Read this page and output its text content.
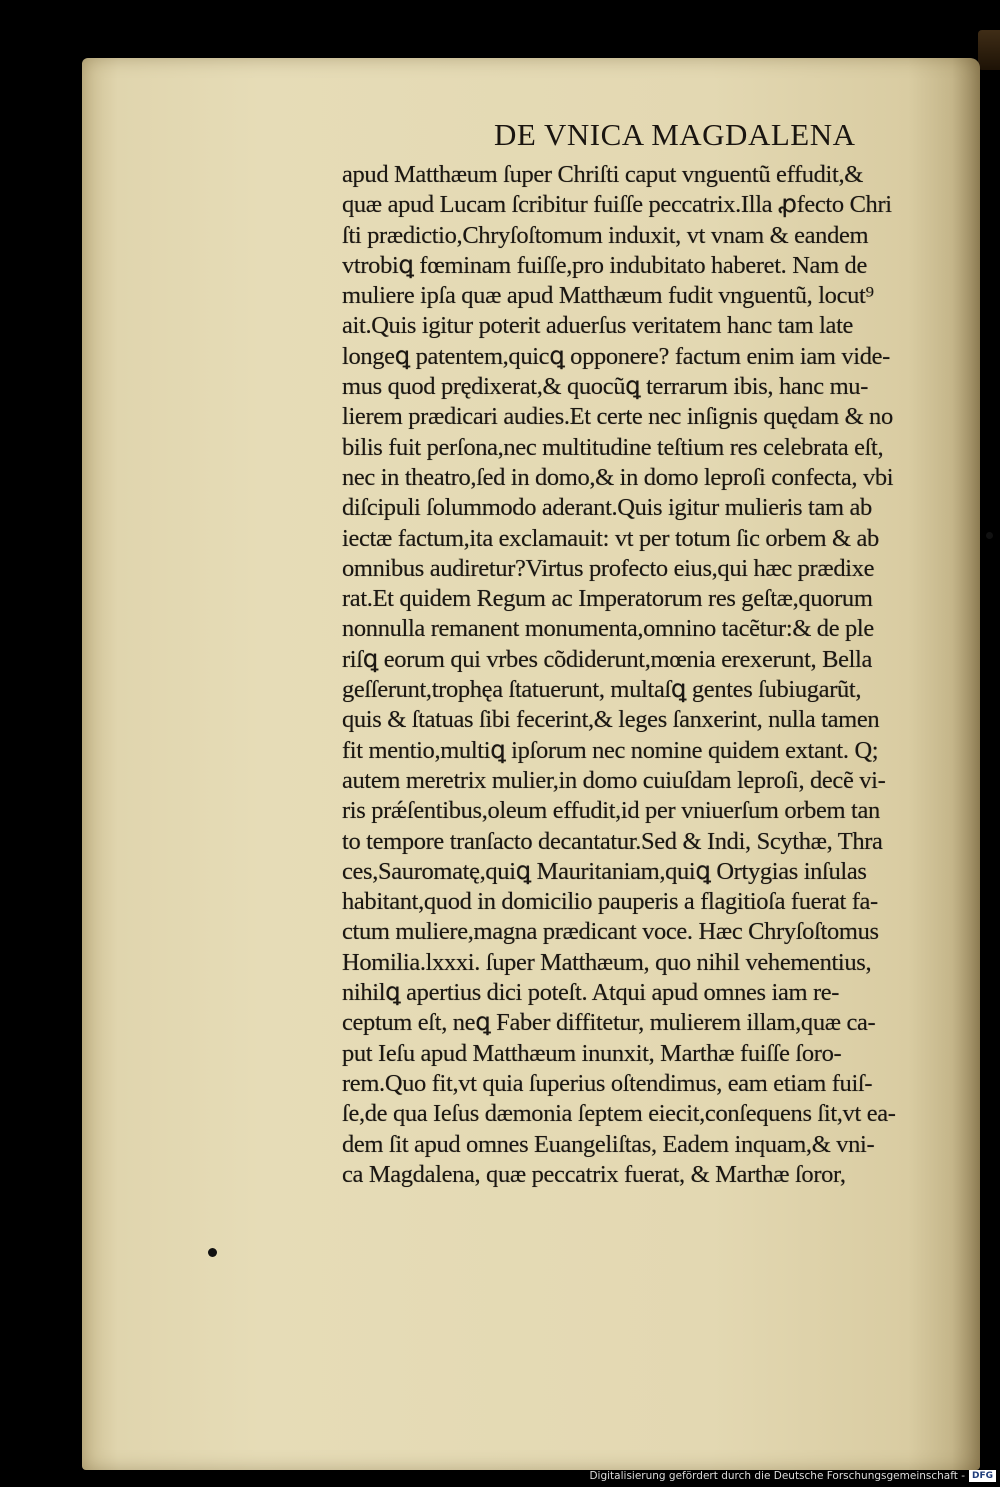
DE VNICA MAGDALENA
apud Matthæum ſuper Chriſti caput vnguentũ effudit,&
quæ apud Lucam ſcribitur fuiſſe peccatrix.Illa ꝓfecto Chri
ſti prædictio,Chryſoſtomum induxit, vt vnam & eandem
vtrobiꝗ fœminam fuiſſe,pro indubitato haberet. Nam de
muliere ipſa quæ apud Matthæum fudit vnguentũ, locut⁹
ait.Quis igitur poterit aduerſus veritatem hanc tam late
longeꝗ patentem,quicꝗ opponere? factum enim iam vide-
mus quod prędixerat,& quocũꝗ terrarum ibis, hanc mu-
lierem prædicari audies.Et certe nec inſignis quędam & no
bilis fuit perſona,nec multitudine teſtium res celebrata eſt,
nec in theatro,ſed in domo,& in domo leproſi confecta, vbi
diſcipuli ſolummodo aderant.Quis igitur mulieris tam ab
iectæ factum,ita exclamauit: vt per totum ſic orbem & ab
omnibus audiretur?Virtus profecto eius,qui hæc prædixe
rat.Et quidem Regum ac Imperatorum res geſtæ,quorum
nonnulla remanent monumenta,omnino tacẽtur:& de ple
riſꝗ eorum qui vrbes cõdiderunt,mœnia erexerunt, Bella
geſſerunt,trophęa ſtatuerunt, multaſꝗ gentes ſubiugarũt,
quis & ſtatuas ſibi fecerint,& leges ſanxerint, nulla tamen
fit mentio,multiꝗ ipſorum nec nomine quidem extant. Q;
autem meretrix mulier,in domo cuiuſdam leproſi, decẽ vi-
ris prǽſentibus,oleum effudit,id per vniuerſum orbem tan
to tempore tranſacto decantatur.Sed & Indi, Scythæ, Thra
ces,Sauromatę,quiꝗ Mauritaniam,quiꝗ Ortygias inſulas
habitant,quod in domicilio pauperis a flagitioſa fuerat fa-
ctum muliere,magna prædicant voce. Hæc Chryſoſtomus
Homilia.lxxxi. ſuper Matthæum, quo nihil vehementius,
nihilꝗ apertius dici poteſt. Atqui apud omnes iam re-
ceptum eſt, neꝗ Faber diffitetur, mulierem illam,quæ ca-
put Ieſu apud Matthæum inunxit, Marthæ fuiſſe ſoro-
rem.Quo fit,vt quia ſuperius oſtendimus, eam etiam fuiſ-
ſe,de qua Ieſus dæmonia ſeptem eiecit,conſequens ſit,vt ea-
dem ſit apud omnes Euangeliſtas, Eadem inquam,& vni-
ca Magdalena, quæ peccatrix fuerat, & Marthæ ſoror,
Digitalisierung gefördert durch die Deutsche Forschungsgemeinschaft - DFG
